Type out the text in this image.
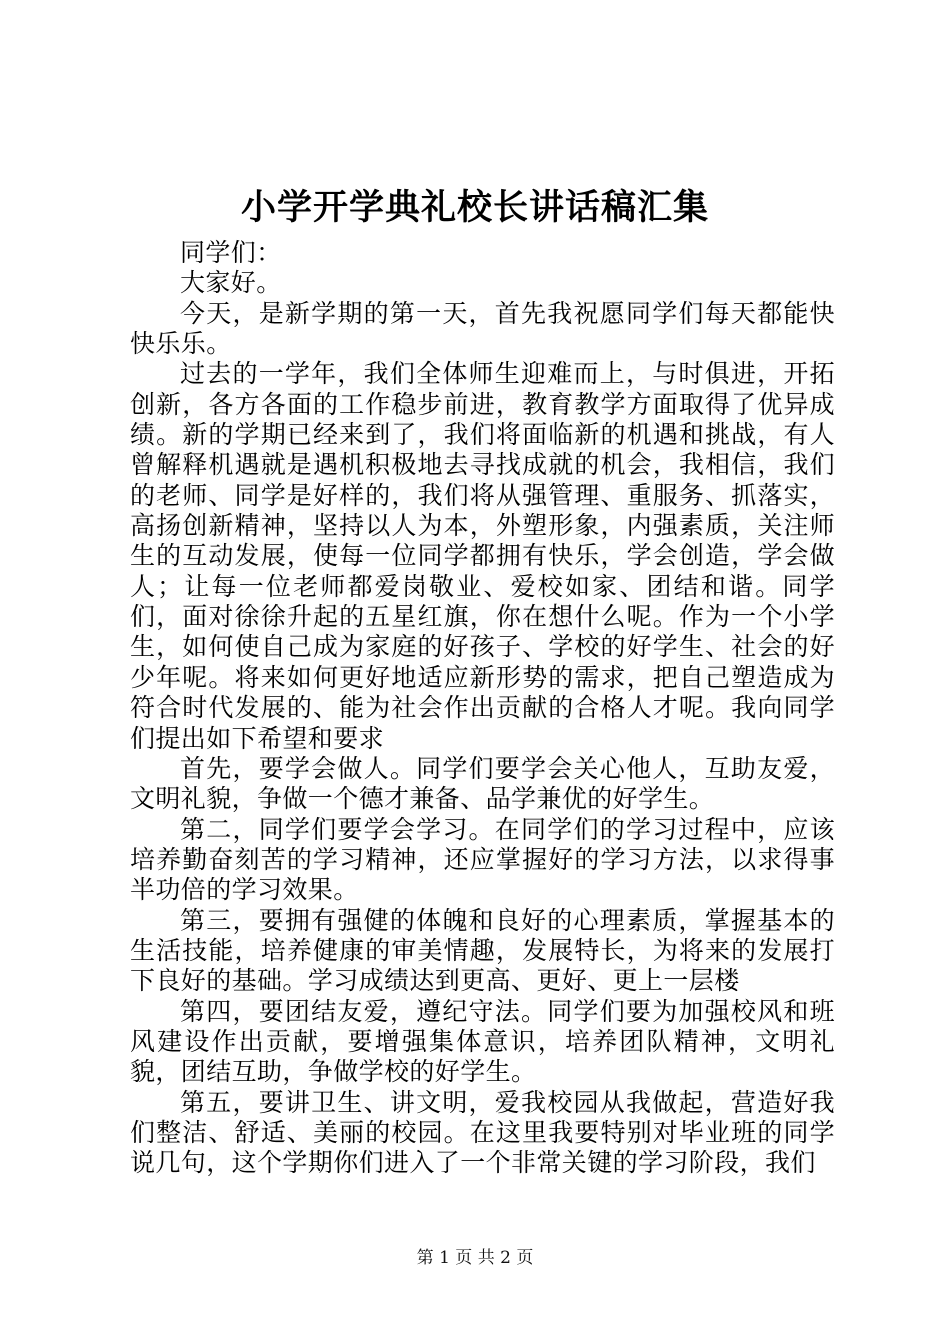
小学开学典礼校长讲话稿汇集

同学们：

大家好。

今天，是新学期的第一天，首先我祝愿同学们每天都能快快乐乐。

过去的一学年，我们全体师生迎难而上，与时俱进，开拓创新，各方各面的工作稳步前进，教育教学方面取得了优异成绩。新的学期已经来到了，我们将面临新的机遇和挑战，有人曾解释机遇就是遇机积极地去寻找成就的机会，我相信，我们的老师、同学是好样的，我们将从强管理、重服务、抓落实，高扬创新精神，坚持以人为本，外塑形象，内强素质，关注师生的互动发展，使每一位同学都拥有快乐，学会创造，学会做人；让每一位老师都爱岗敬业、爱校如家、团结和谐。同学们，面对徐徐升起的五星红旗，你在想什么呢。作为一个小学生，如何使自己成为家庭的好孩子、学校的好学生、社会的好少年呢。将来如何更好地适应新形势的需求，把自己塑造成为符合时代发展的、能为社会作出贡献的合格人才呢。我向同学们提出如下希望和要求

首先，要学会做人。同学们要学会关心他人，互助友爱，文明礼貌，争做一个德才兼备、品学兼优的好学生。

第二，同学们要学会学习。在同学们的学习过程中，应该培养勤奋刻苦的学习精神，还应掌握好的学习方法，以求得事半功倍的学习效果。

第三，要拥有强健的体魄和良好的心理素质，掌握基本的生活技能，培养健康的审美情趣，发展特长，为将来的发展打下良好的基础。学习成绩达到更高、更好、更上一层楼

第四，要团结友爱，遵纪守法。同学们要为加强校风和班风建设作出贡献，要增强集体意识，培养团队精神，文明礼貌，团结互助，争做学校的好学生。

第五，要讲卫生、讲文明，爱我校园从我做起，营造好我们整洁、舒适、美丽的校园。在这里我要特别对毕业班的同学说几句，这个学期你们进入了一个非常关键的学习阶段，我们

第 1 页 共 2 页
